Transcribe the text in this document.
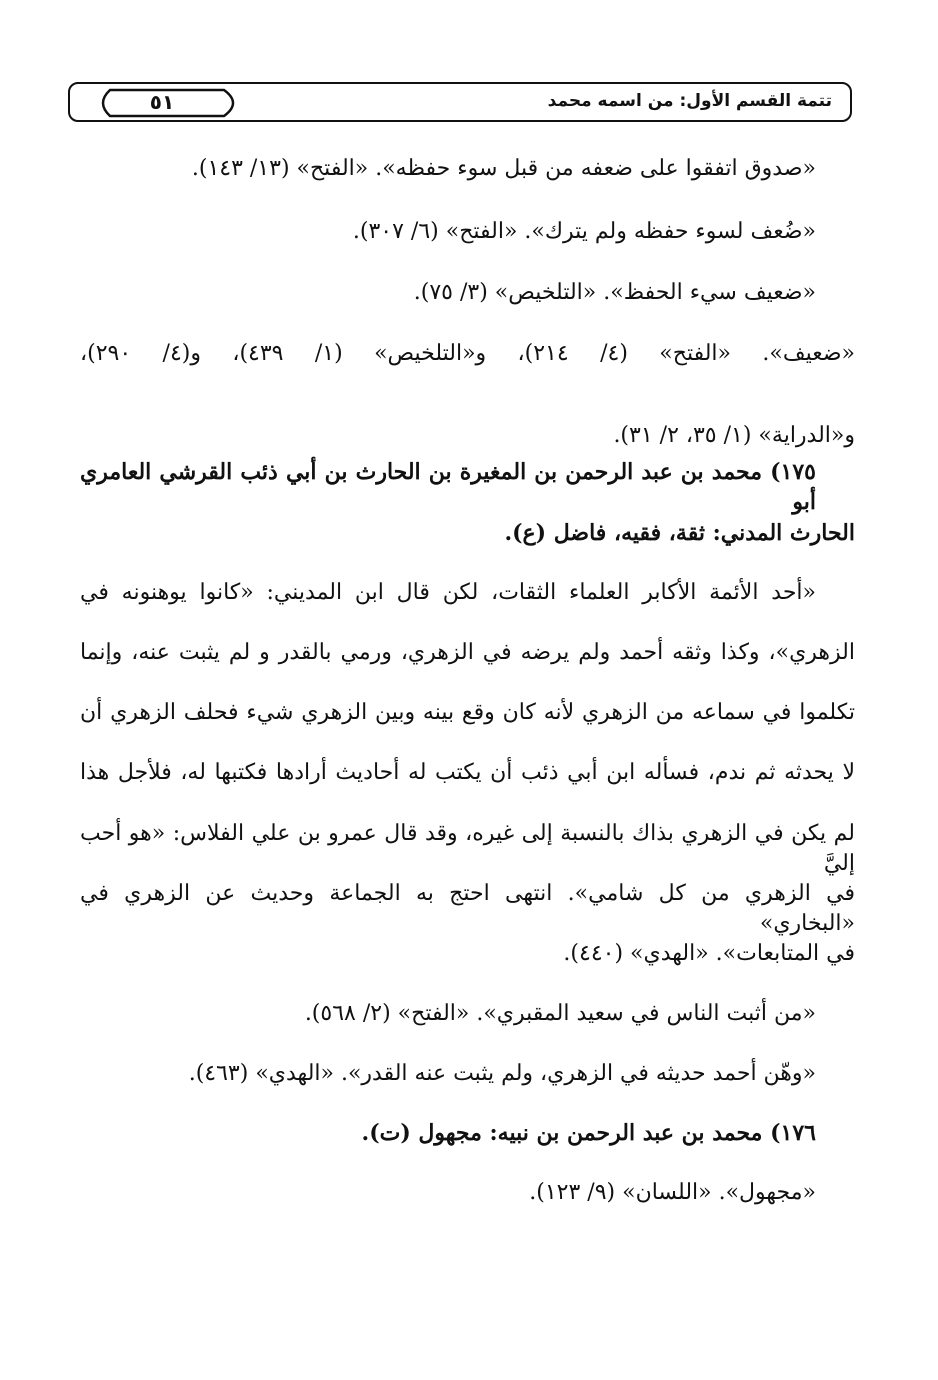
٥١	تتمة القسم الأول: من اسمه محمد
«صدوق اتفقوا على ضعفه من قبل سوء حفظه». «الفتح» (١٣/ ١٤٣).
«ضُعف لسوء حفظه ولم يترك». «الفتح» (٦/ ٣٠٧).
«ضعيف سيء الحفظ». «التلخيص» (٣/ ٧٥).
«ضعيف». «الفتح» (٤/ ٢١٤)، و«التلخيص» (١/ ٤٣٩)، و(٤/ ٢٩٠)،
و«الدراية» (١/ ٣٥، ٢/ ٣١).
١٧٥) محمد بن عبد الرحمن بن المغيرة بن الحارث بن أبي ذئب القرشي العامري أبو
الحارث المدني: ثقة، فقيه، فاضل (ع).
«أحد الأئمة الأكابر العلماء الثقات، لكن قال ابن المديني: «كانوا يوهنونه في
الزهري»، وكذا وثقه أحمد ولم يرضه في الزهري، ورمي بالقدر و لم يثبت عنه، وإنما
تكلموا في سماعه من الزهري لأنه كان وقع بينه وبين الزهري شيء فحلف الزهري أن
لا يحدثه ثم ندم، فسأله ابن أبي ذئب أن يكتب له أحاديث أرادها فكتبها له، فلأجل هذا
لم يكن في الزهري بذاك بالنسبة إلى غيره، وقد قال عمرو بن علي الفلاس: «هو أحب إليَّ
في الزهري من كل شامي». انتهى احتج به الجماعة وحديث عن الزهري في «البخاري»
في المتابعات». «الهدي» (٤٤٠).
«من أثبت الناس في سعيد المقبري». «الفتح» (٢/ ٥٦٨).
«وهّن أحمد حديثه في الزهري، ولم يثبت عنه القدر». «الهدي» (٤٦٣).
١٧٦) محمد بن عبد الرحمن بن نبيه: مجهول (ت).
«مجهول». «اللسان» (٩/ ١٢٣).
